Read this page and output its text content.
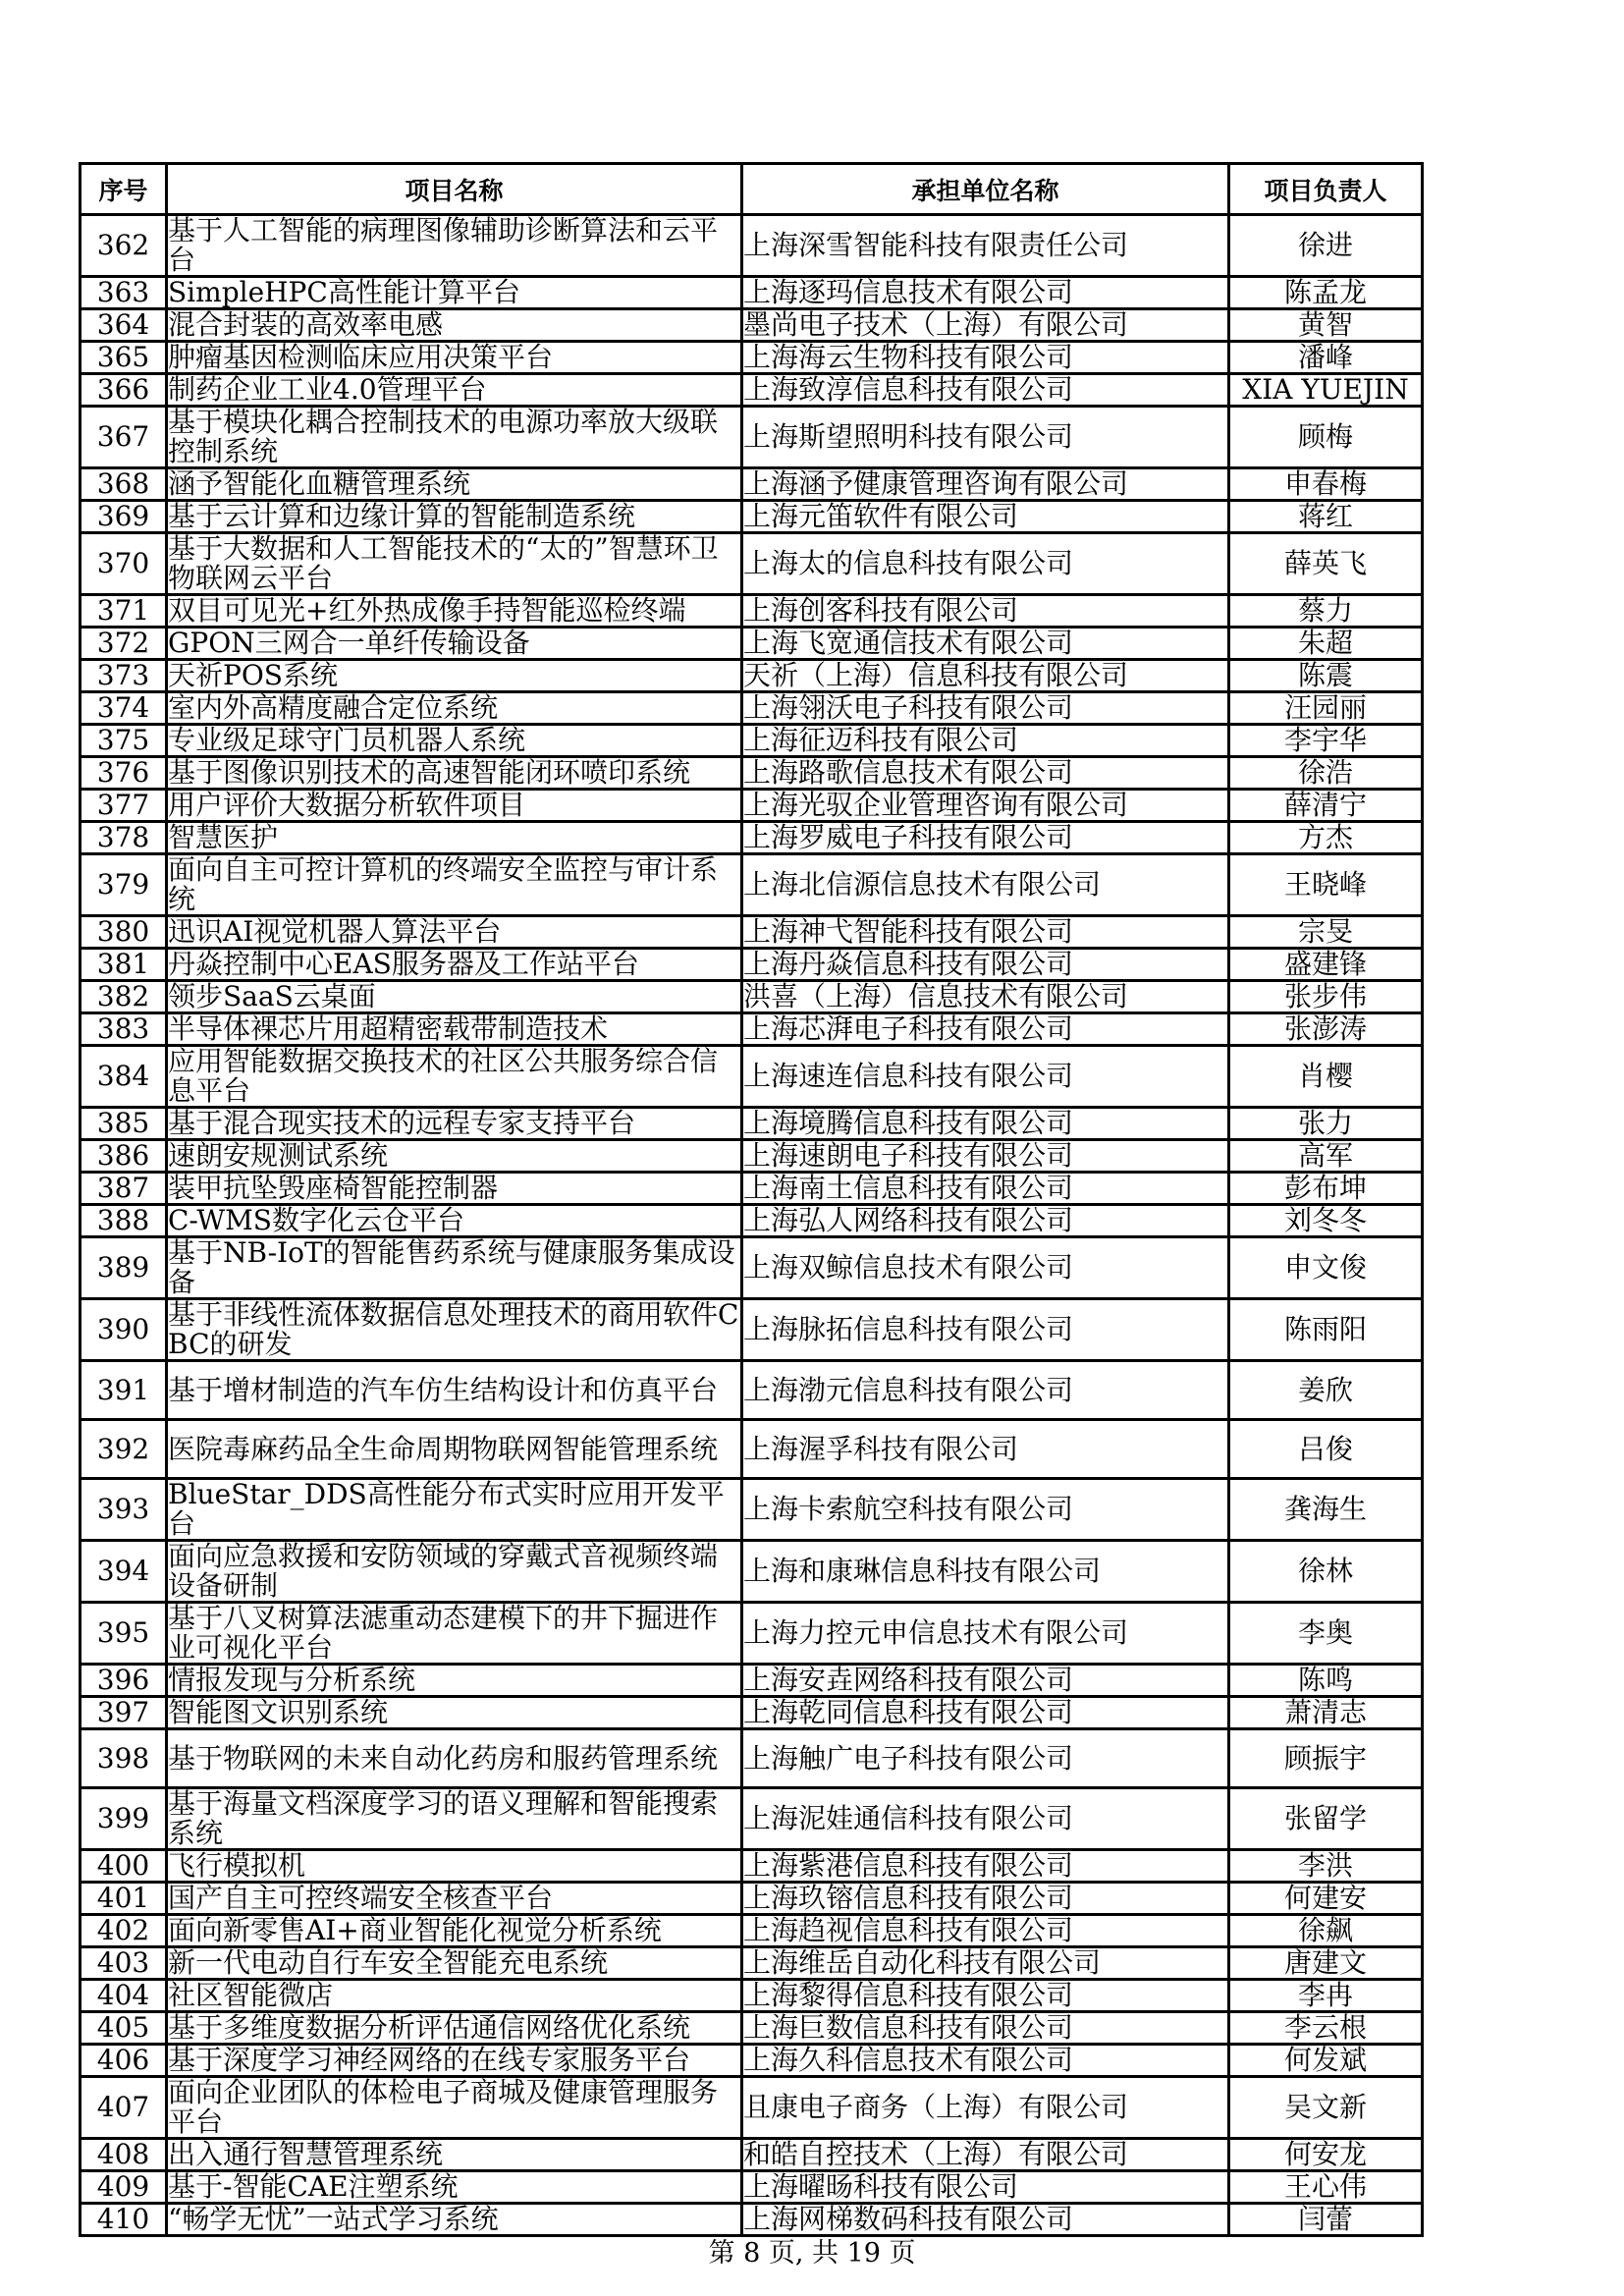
序号	项目名称	承担单位名称	项目负责人
362	基于人工智能的病理图像辅助诊断算法和云平台	上海深雪智能科技有限责任公司	徐进
363	SimpleHPC高性能计算平台	上海逐玛信息技术有限公司	陈孟龙
364	混合封装的高效率电感	墨尚电子技术（上海）有限公司	黄智
365	肿瘤基因检测临床应用决策平台	上海海云生物科技有限公司	潘峰
366	制药企业工业4.0管理平台	上海致淳信息科技有限公司	XIA YUEJIN
367	基于模块化耦合控制技术的电源功率放大级联控制系统	上海斯望照明科技有限公司	顾梅
368	涵予智能化血糖管理系统	上海涵予健康管理咨询有限公司	申春梅
369	基于云计算和边缘计算的智能制造系统	上海元笛软件有限公司	蒋红
370	基于大数据和人工智能技术的“太的”智慧环卫物联网云平台	上海太的信息科技有限公司	薛英飞
371	双目可见光+红外热成像手持智能巡检终端	上海创客科技有限公司	蔡力
372	GPON三网合一单纤传输设备	上海飞宽通信技术有限公司	朱超
373	天祈POS系统	天祈（上海）信息科技有限公司	陈震
374	室内外高精度融合定位系统	上海翎沃电子科技有限公司	汪园丽
375	专业级足球守门员机器人系统	上海征迈科技有限公司	李宇华
376	基于图像识别技术的高速智能闭环喷印系统	上海路歌信息技术有限公司	徐浩
377	用户评价大数据分析软件项目	上海光驭企业管理咨询有限公司	薛清宁
378	智慧医护	上海罗威电子科技有限公司	方杰
379	面向自主可控计算机的终端安全监控与审计系统	上海北信源信息技术有限公司	王晓峰
380	迅识AI视觉机器人算法平台	上海神弋智能科技有限公司	宗旻
381	丹焱控制中心EAS服务器及工作站平台	上海丹焱信息科技有限公司	盛建锋
382	领步SaaS云桌面	洪喜（上海）信息技术有限公司	张步伟
383	半导体裸芯片用超精密载带制造技术	上海芯湃电子科技有限公司	张澎涛
384	应用智能数据交换技术的社区公共服务综合信息平台	上海速连信息科技有限公司	肖樱
385	基于混合现实技术的远程专家支持平台	上海境腾信息科技有限公司	张力
386	速朗安规测试系统	上海速朗电子科技有限公司	高军
387	装甲抗坠毁座椅智能控制器	上海南土信息科技有限公司	彭布坤
388	C-WMS数字化云仓平台	上海弘人网络科技有限公司	刘冬冬
389	基于NB-IoT的智能售药系统与健康服务集成设备	上海双鲸信息技术有限公司	申文俊
390	基于非线性流体数据信息处理技术的商用软件CBC的研发	上海脉拓信息科技有限公司	陈雨阳
391	基于增材制造的汽车仿生结构设计和仿真平台	上海渤元信息科技有限公司	姜欣
392	医院毒麻药品全生命周期物联网智能管理系统	上海渥孚科技有限公司	吕俊
393	BlueStar_DDS高性能分布式实时应用开发平台	上海卡索航空科技有限公司	龚海生
394	面向应急救援和安防领域的穿戴式音视频终端设备研制	上海和康琳信息科技有限公司	徐林
395	基于八叉树算法滤重动态建模下的井下掘进作业可视化平台	上海力控元申信息技术有限公司	李奥
396	情报发现与分析系统	上海安垚网络科技有限公司	陈鸣
397	智能图文识别系统	上海乾同信息科技有限公司	萧清志
398	基于物联网的未来自动化药房和服药管理系统	上海触广电子科技有限公司	顾振宇
399	基于海量文档深度学习的语义理解和智能搜索系统	上海泥娃通信科技有限公司	张留学
400	飞行模拟机	上海紫港信息科技有限公司	李洪
401	国产自主可控终端安全核查平台	上海玖镕信息科技有限公司	何建安
402	面向新零售AI+商业智能化视觉分析系统	上海趋视信息科技有限公司	徐飙
403	新一代电动自行车安全智能充电系统	上海维岳自动化科技有限公司	唐建文
404	社区智能微店	上海黎得信息科技有限公司	李冉
405	基于多维度数据分析评估通信网络优化系统	上海巨数信息科技有限公司	李云根
406	基于深度学习神经网络的在线专家服务平台	上海久科信息技术有限公司	何发斌
407	面向企业团队的体检电子商城及健康管理服务平台	且康电子商务（上海）有限公司	吴文新
408	出入通行智慧管理系统	和皓自控技术（上海）有限公司	何安龙
409	基于-智能CAE注塑系统	上海曜旸科技有限公司	王心伟
410	“畅学无忧”一站式学习系统	上海网梯数码科技有限公司	闫蕾
第 8 页, 共 19 页
